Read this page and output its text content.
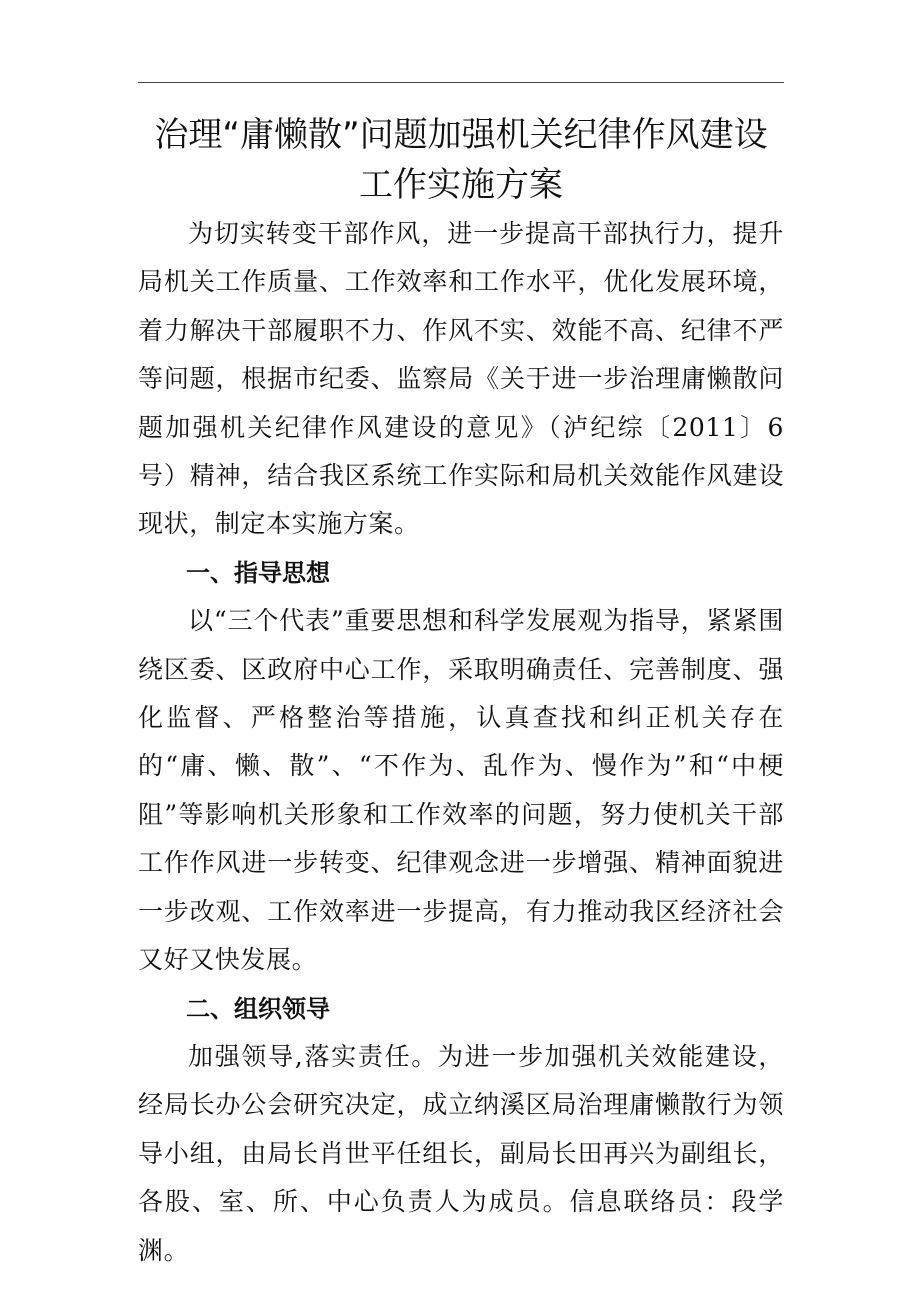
治理“庸懒散”问题加强机关纪律作风建设工作实施方案

为切实转变干部作风，进一步提高干部执行力，提升局机关工作质量、工作效率和工作水平，优化发展环境，着力解决干部履职不力、作风不实、效能不高、纪律不严等问题，根据市纪委、监察局《关于进一步治理庸懒散问题加强机关纪律作风建设的意见》（泸纪综〔2011〕6 号）精神，结合我区系统工作实际和局机关效能作风建设现状，制定本实施方案。

一、指导思想

以“三个代表”重要思想和科学发展观为指导，紧紧围绕区委、区政府中心工作，采取明确责任、完善制度、强化监督、严格整治等措施，认真查找和纠正机关存在的“庸、懒、散”、“不作为、乱作为、慢作为”和“中梗阻”等影响机关形象和工作效率的问题，努力使机关干部工作作风进一步转变、纪律观念进一步增强、精神面貌进一步改观、工作效率进一步提高，有力推动我区经济社会又好又快发展。

二、组织领导

加强领导,落实责任。为进一步加强机关效能建设，经局长办公会研究决定，成立纳溪区局治理庸懒散行为领导小组，由局长肖世平任组长，副局长田再兴为副组长，各股、室、所、中心负责人为成员。信息联络员：段学渊。
